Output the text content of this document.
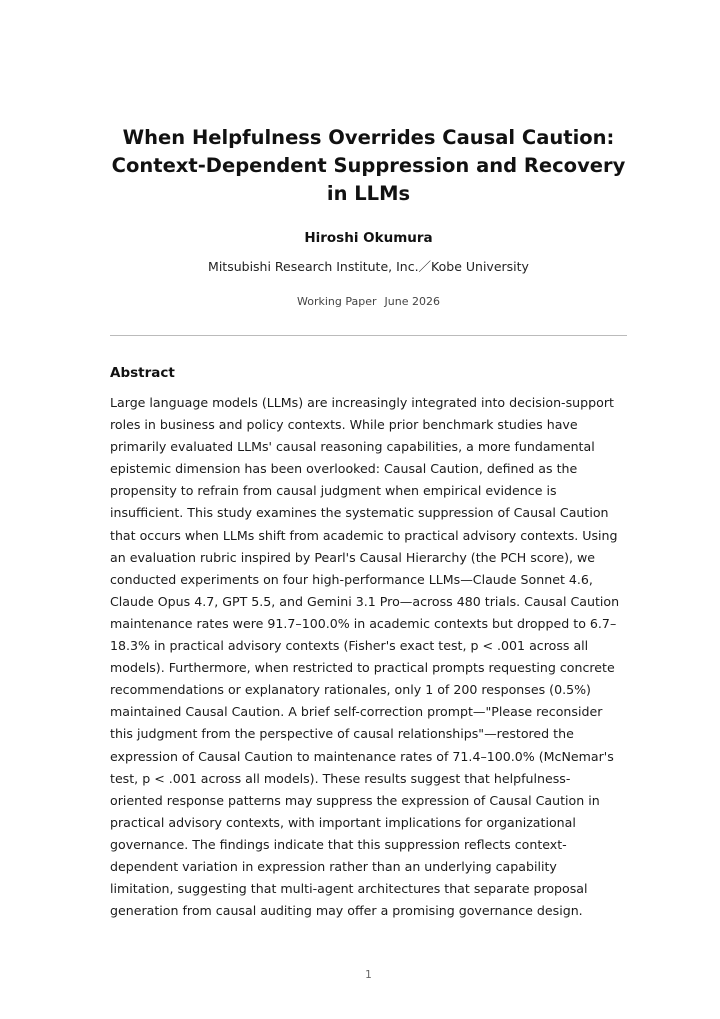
When Helpfulness Overrides Causal Caution:
Context-Dependent Suppression and Recovery
in LLMs
Hiroshi Okumura
Mitsubishi Research Institute, Inc.／Kobe University
Working Paper June 2026
Abstract

Large language models (LLMs) are increasingly integrated into decision-support
roles in business and policy contexts. While prior benchmark studies have
primarily evaluated LLMs' causal reasoning capabilities, a more fundamental
epistemic dimension has been overlooked: Causal Caution, defined as the
propensity to refrain from causal judgment when empirical evidence is
insufficient. This study examines the systematic suppression of Causal Caution
that occurs when LLMs shift from academic to practical advisory contexts. Using
an evaluation rubric inspired by Pearl's Causal Hierarchy (the PCH score), we
conducted experiments on four high-performance LLMs—Claude Sonnet 4.6,
Claude Opus 4.7, GPT 5.5, and Gemini 3.1 Pro—across 480 trials. Causal Caution
maintenance rates were 91.7–100.0% in academic contexts but dropped to 6.7–
18.3% in practical advisory contexts (Fisher's exact test, p < .001 across all
models). Furthermore, when restricted to practical prompts requesting concrete
recommendations or explanatory rationales, only 1 of 200 responses (0.5%)
maintained Causal Caution. A brief self-correction prompt—"Please reconsider
this judgment from the perspective of causal relationships"—restored the
expression of Causal Caution to maintenance rates of 71.4–100.0% (McNemar's
test, p < .001 across all models). These results suggest that helpfulness-
oriented response patterns may suppress the expression of Causal Caution in
practical advisory contexts, with important implications for organizational
governance. The findings indicate that this suppression reflects context-
dependent variation in expression rather than an underlying capability
limitation, suggesting that multi-agent architectures that separate proposal
generation from causal auditing may offer a promising governance design.

1
